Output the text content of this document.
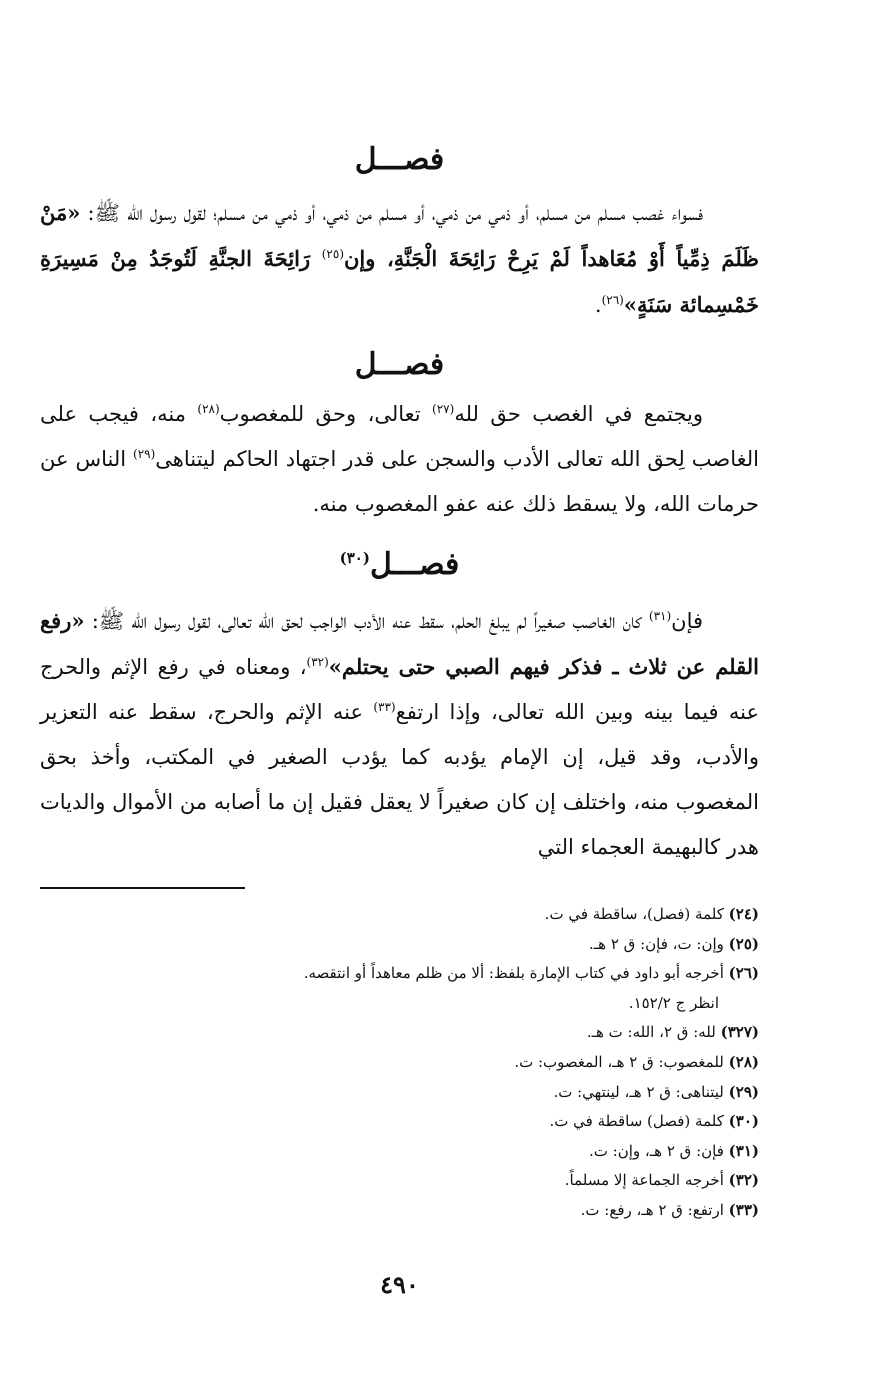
فصـــل

فسواء غصب مسلم من مسلم، أو ذمي من ذمي، أو مسلم من ذمي، أو ذمي من مسلم؛ لقول رسول الله ﷺ: «مَنْ ظَلَمَ ذِمِّياً أَوْ مُعَاهداً لَمْ يَرِحْ رَائِحَةَ الْجَنَّةِ، وإن$^{(٢٥)}$ رَائِحَةَ الجنَّةِ لَتُوجَدُ مِنْ مَسِيرَةِ خَمْسِمائة سَنَةٍ»$^{(٢٦)}$.

فصـــل

ويجتمع في الغصب حق لله$^{(٢٧)}$ تعالى، وحق للمغصوب$^{(٢٨)}$ منه، فيجب على الغاصب لِحق الله تعالى الأدب والسجن على قدر اجتهاد الحاكم ليتناهى$^{(٢٩)}$ الناس عن حرمات الله، ولا يسقط ذلك عنه عفو المغصوب منه.

فصـــل$^{(٣٠)}$

فإن$^{(٣١)}$ كان الغاصب صغيراً لم يبلغ الحلم، سقط عنه الأدب الواجب لحق الله تعالى، لقول رسول الله ﷺ: «رفع القلم عن ثلاث ـ فذكر فيهم الصبي حتى يحتلم»$^{(٣٢)}$، ومعناه في رفع الإثم والحرج عنه فيما بينه وبين الله تعالى، وإذا ارتفع$^{(٣٣)}$ عنه الإثم والحرج، سقط عنه التعزير والأدب، وقد قيل، إن الإمام يؤدبه كما يؤدب الصغير في المكتب، وأخذ بحق المغصوب منه، واختلف إن كان صغيراً لا يعقل فقيل إن ما أصابه من الأموال والديات هدر كالبهيمة العجماء التي

(٢٤) كلمة (فصل)، ساقطة في ت.
(٢٥) وإن: ت، فإن: ق ٢ هـ.
(٢٦) أخرجه أبو داود في كتاب الإمارة بلفظ: ألا من ظلم معاهداً أو انتقصه.
انظر ج ١٥٢/٢.
(٣٢٧) لله: ق ٢، الله: ت هـ.
(٢٨) للمغصوب: ق ٢ هـ، المغصوب: ت.
(٢٩) ليتناهى: ق ٢ هـ، لينتهي: ت.
(٣٠) كلمة (فصل) ساقطة في ت.
(٣١) فإن: ق ٢ هـ، وإن: ت.
(٣٢) أخرجه الجماعة إلا مسلماً.
(٣٣) ارتفع: ق ٢ هـ، رفع: ت.
٤٩٠
